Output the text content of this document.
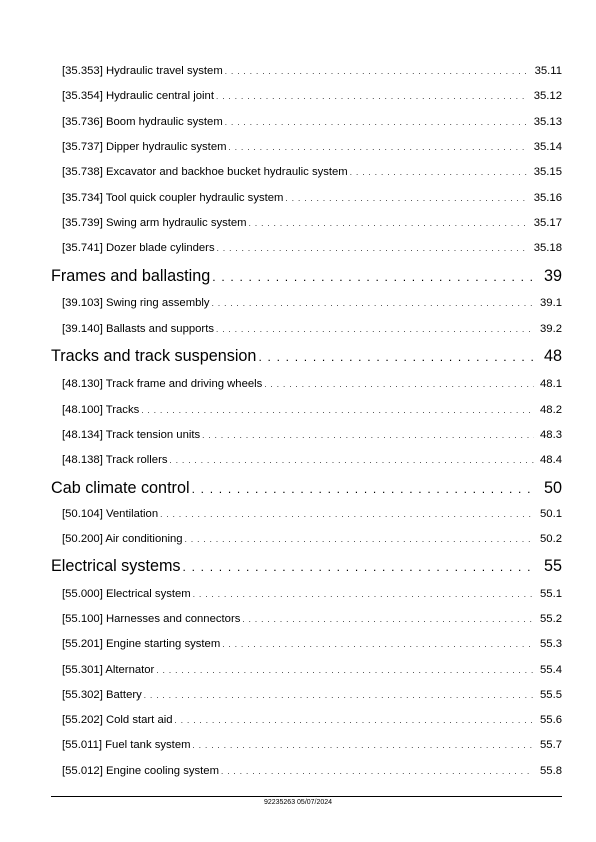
[35.353] Hydraulic travel system . . .	35.11
[35.354] Hydraulic central joint . . .	35.12
[35.736] Boom hydraulic system . . .	35.13
[35.737] Dipper hydraulic system . . .	35.14
[35.738] Excavator and backhoe bucket hydraulic system . . .	35.15
[35.734] Tool quick coupler hydraulic system . . .	35.16
[35.739] Swing arm hydraulic system . . .	35.17
[35.741] Dozer blade cylinders . . .	35.18
Frames and ballasting . . .	39
[39.103] Swing ring assembly . . .	39.1
[39.140] Ballasts and supports . . .	39.2
Tracks and track suspension . . .	48
[48.130] Track frame and driving wheels . . .	48.1
[48.100] Tracks . . .	48.2
[48.134] Track tension units . . .	48.3
[48.138] Track rollers . . .	48.4
Cab climate control . . .	50
[50.104] Ventilation . . .	50.1
[50.200] Air conditioning . . .	50.2
Electrical systems . . .	55
[55.000] Electrical system . . .	55.1
[55.100] Harnesses and connectors . . .	55.2
[55.201] Engine starting system . . .	55.3
[55.301] Alternator . . .	55.4
[55.302] Battery . . .	55.5
[55.202] Cold start aid . . .	55.6
[55.011] Fuel tank system . . .	55.7
[55.012] Engine cooling system . . .	55.8
92235263 05/07/2024
